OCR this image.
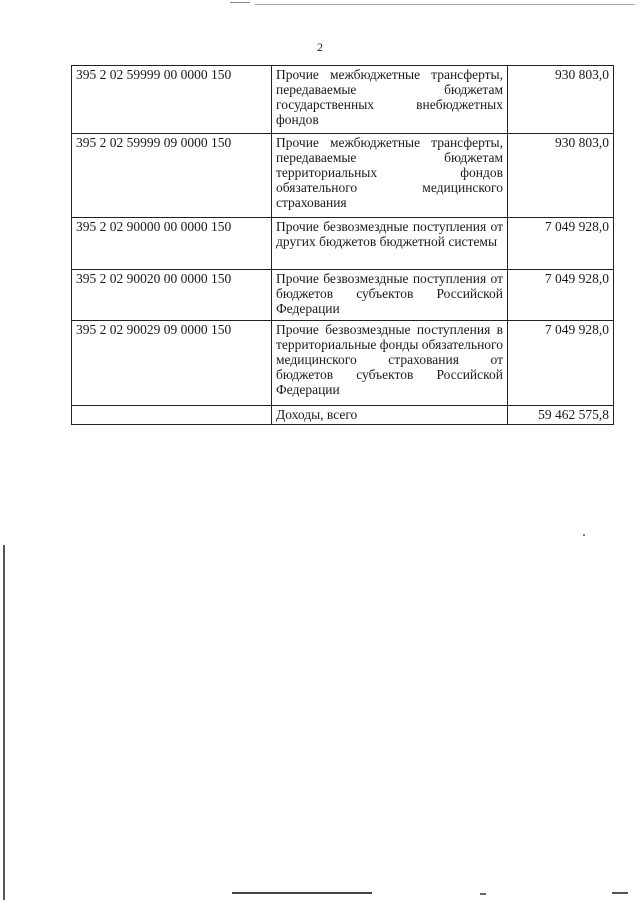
2
395 2 02 59999 00 0000 150	Прочие межбюджетные трансферты, передаваемые бюджетам государственных внебюджетных фондов	930 803,0
395 2 02 59999 09 0000 150	Прочие межбюджетные трансферты, передаваемые бюджетам территориальных фондов обязательного медицинского страхования	930 803,0
395 2 02 90000 00 0000 150	Прочие безвозмездные поступления от других бюджетов бюджетной системы	7 049 928,0
395 2 02 90020 00 0000 150	Прочие безвозмездные поступления от бюджетов субъектов Российской Федерации	7 049 928,0
395 2 02 90029 09 0000 150	Прочие безвозмездные поступления в территориальные фонды обязательного медицинского страхования от бюджетов субъектов Российской Федерации	7 049 928,0
	Доходы, всего	59 462 575,8
